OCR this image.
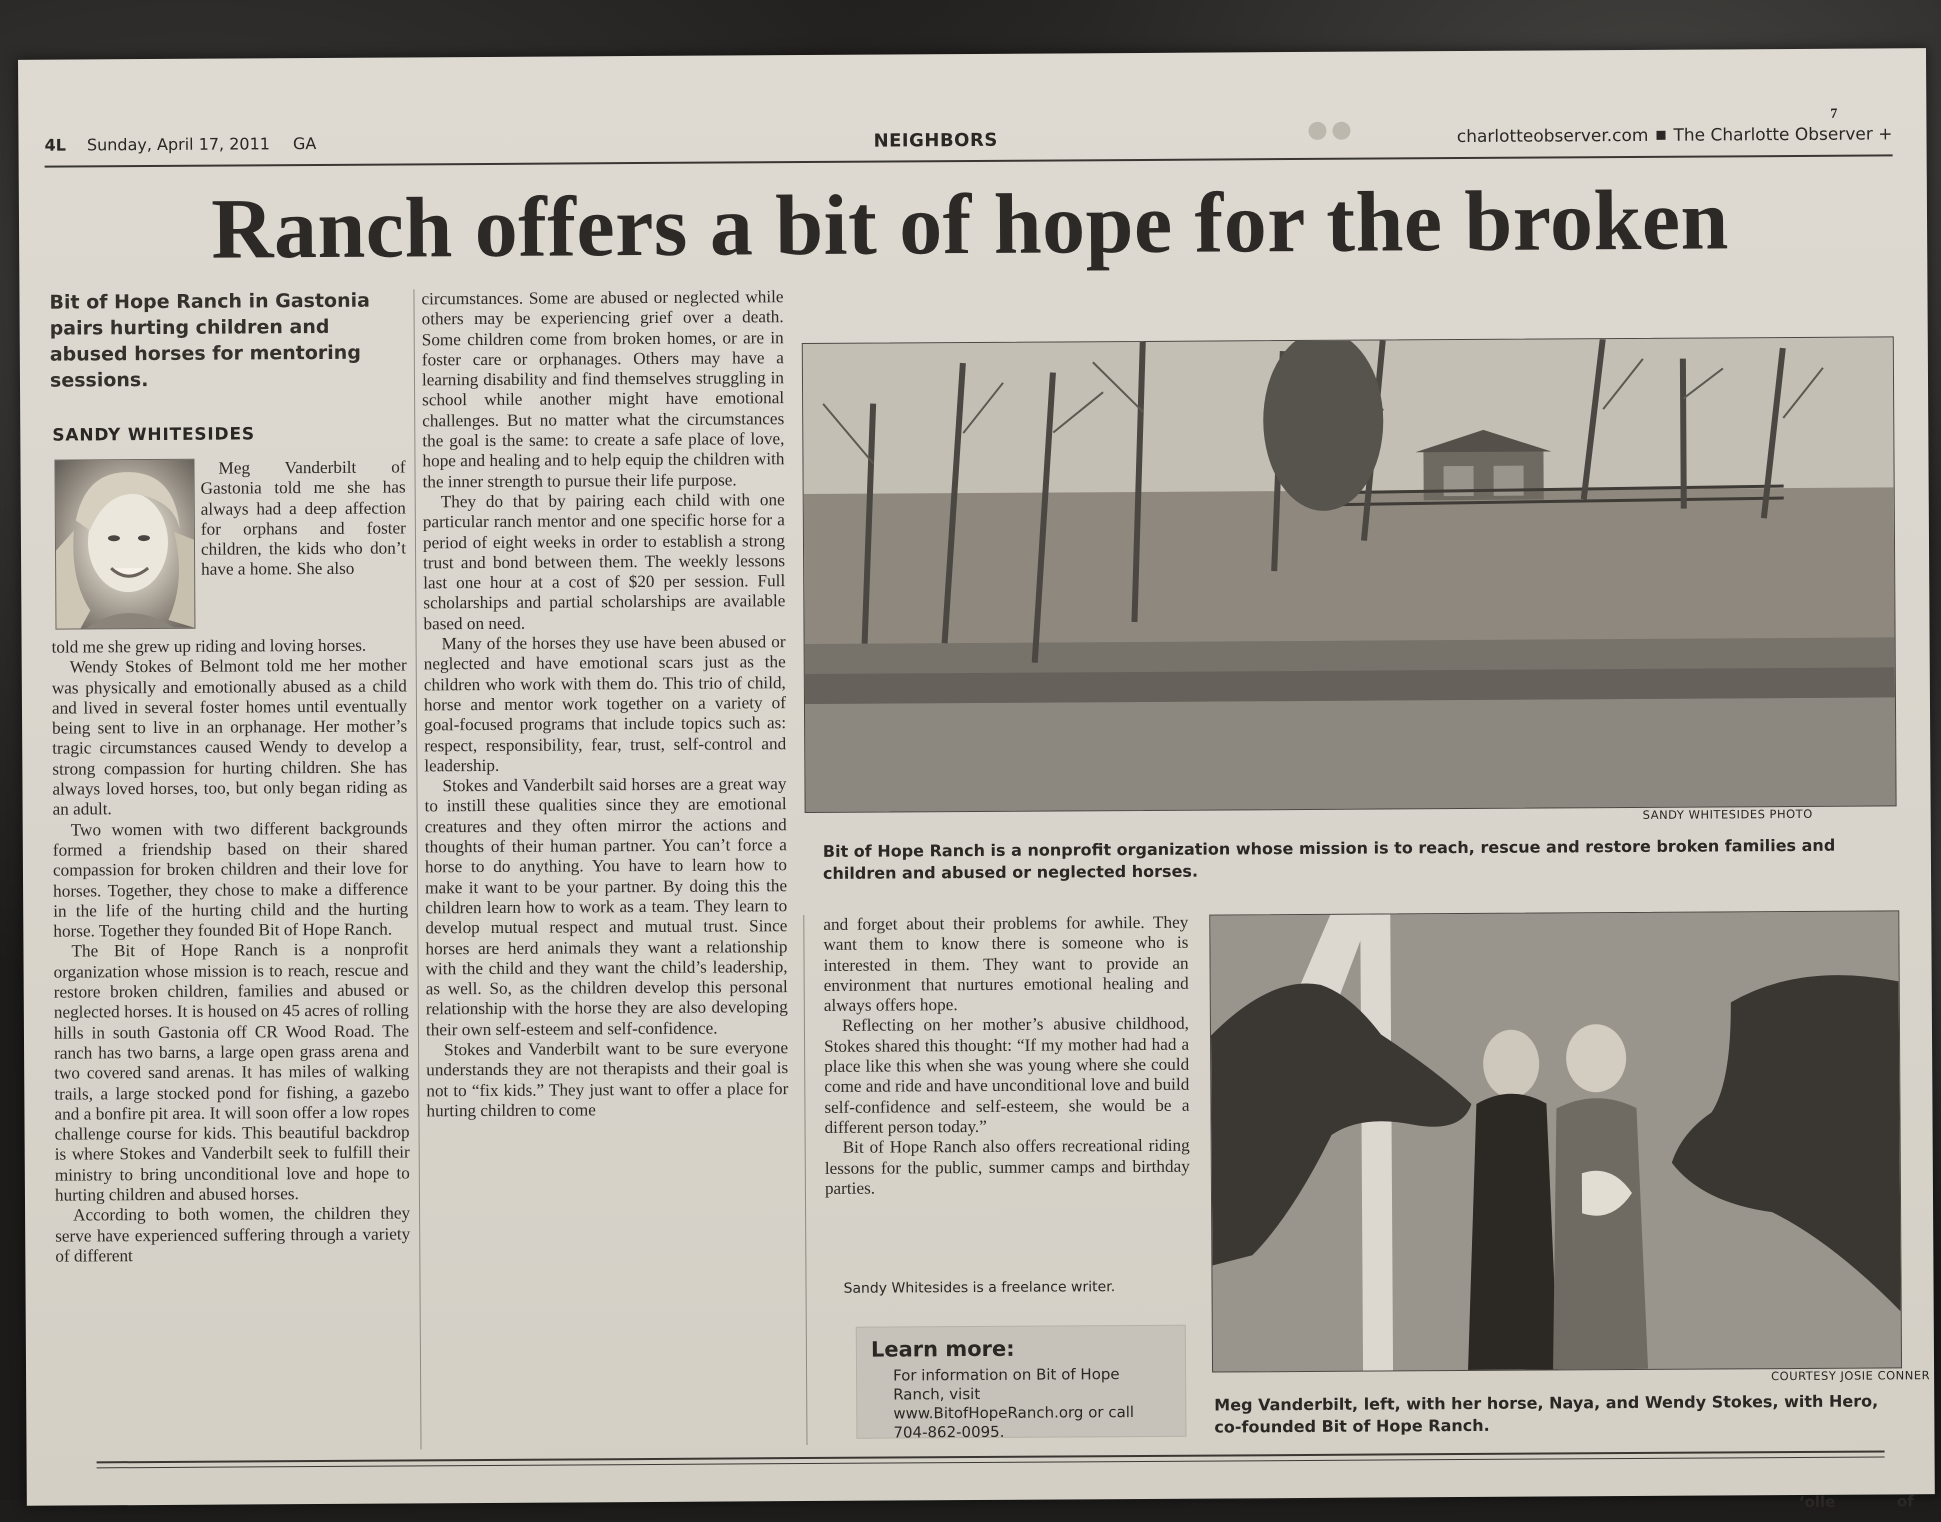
7
4L Sunday, April 17, 2011 GA	NEIGHBORS	charlotteobserver.com The Charlotte Observer +
Ranch offers a bit of hope for the broken
Bit of Hope Ranch in Gastonia pairs hurting children and abused horses for mentoring sessions.
SANDY WHITESIDES

Meg Vanderbilt of Gastonia told me she has always had a deep affection for orphans and foster children, the kids who don’t have a home. She also

told me she grew up riding and loving horses.

Wendy Stokes of Belmont told me her mother was physically and emotionally abused as a child and lived in several foster homes until eventually being sent to live in an orphanage. Her mother’s tragic circumstances caused Wendy to develop a strong compassion for hurting children. She has always loved horses, too, but only began riding as an adult.

Two women with two different backgrounds formed a friendship based on their shared compassion for broken children and their love for horses. Together, they chose to make a difference in the life of the hurting child and the hurting horse. Together they founded Bit of Hope Ranch.

The Bit of Hope Ranch is a nonprofit organization whose mission is to reach, rescue and restore broken children, families and abused or neglected horses. It is housed on 45 acres of rolling hills in south Gastonia off CR Wood Road. The ranch has two barns, a large open grass arena and two covered sand arenas. It has miles of walking trails, a large stocked pond for fishing, a gazebo and a bonfire pit area. It will soon offer a low ropes challenge course for kids. This beautiful backdrop is where Stokes and Vanderbilt seek to fulfill their ministry to bring unconditional love and hope to hurting children and abused horses.

According to both women, the children they serve have experienced suffering through a variety of different

circumstances. Some are abused or neglected while others may be experiencing grief over a death. Some children come from broken homes, or are in foster care or orphanages. Others may have a learning disability and find themselves struggling in school while another might have emotional challenges. But no matter what the circumstances the goal is the same: to create a safe place of love, hope and healing and to help equip the children with the inner strength to pursue their life purpose.

They do that by pairing each child with one particular ranch mentor and one specific horse for a period of eight weeks in order to establish a strong trust and bond between them. The weekly lessons last one hour at a cost of $20 per session. Full scholarships and partial scholarships are available based on need.

Many of the horses they use have been abused or neglected and have emotional scars just as the children who work with them do. This trio of child, horse and mentor work together on a variety of goal-focused programs that include topics such as: respect, responsibility, fear, trust, self-control and leadership.

Stokes and Vanderbilt said horses are a great way to instill these qualities since they are emotional creatures and they often mirror the actions and thoughts of their human partner. You can’t force a horse to do anything. You have to learn how to make it want to be your partner. By doing this the children learn how to work as a team. They learn to develop mutual respect and mutual trust. Since horses are herd animals they want a relationship with the child and they want the child’s leadership, as well. So, as the children develop this personal relationship with the horse they are also developing their own self-esteem and self-confidence.

Stokes and Vanderbilt want to be sure everyone understands they are not therapists and their goal is not to “fix kids.” They just want to offer a place for hurting children to come

SANDY WHITESIDES PHOTO
Bit of Hope Ranch is a nonprofit organization whose mission is to reach, rescue and restore broken families and children and abused or neglected horses.

and forget about their problems for awhile. They want them to know there is someone who is interested in them. They want to provide an environment that nurtures emotional healing and always offers hope.

Reflecting on her mother’s abusive childhood, Stokes shared this thought: “If my mother had had a place like this when she was young where she could come and ride and have unconditional love and build self-confidence and self-esteem, she would be a different person today.”

Bit of Hope Ranch also offers recreational riding lessons for the public, summer camps and birthday parties.

Sandy Whitesides is a freelance writer.
Learn more:
For information on Bit of Hope Ranch, visit www.BitofHopeRanch.org or call 704-862-0095.
COURTESY JOSIE CONNER
Meg Vanderbilt, left, with her horse, Naya, and Wendy Stokes, with Hero, co-founded Bit of Hope Ranch.
‘olle	of
